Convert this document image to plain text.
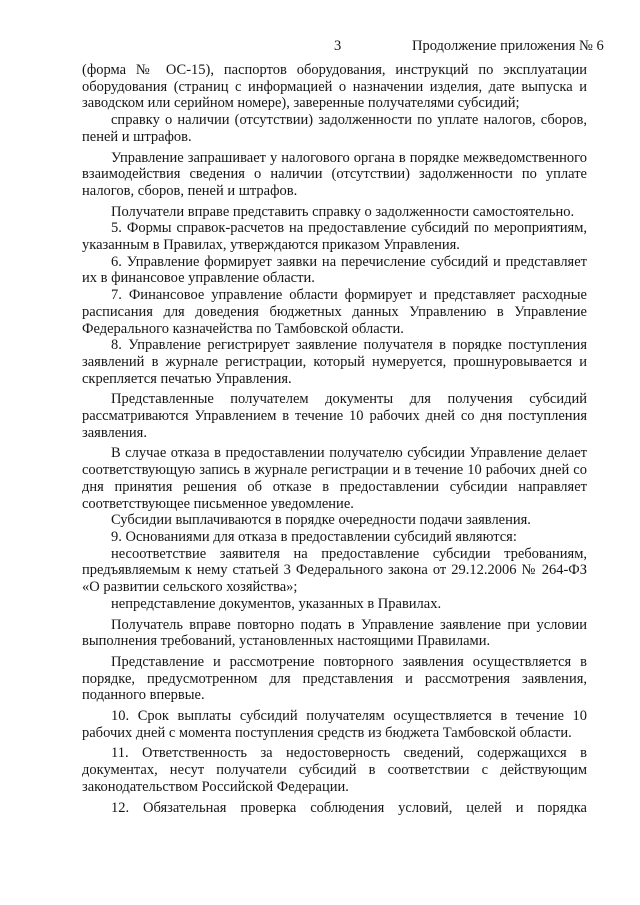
3	Продолжение приложения № 6

(форма № ОС-15), паспортов оборудования, инструкций по эксплуатации оборудования (страниц с информацией о назначении изделия, дате выпуска и заводском или серийном номере), заверенные получателями субсидий;

справку о наличии (отсутствии) задолженности по уплате налогов, сборов, пеней и штрафов.

Управление запрашивает у налогового органа в порядке межведомственного взаимодействия сведения о наличии (отсутствии) задолженности по уплате налогов, сборов, пеней и штрафов.

Получатели вправе представить справку о задолженности самостоятельно.

5. Формы справок-расчетов на предоставление субсидий по мероприятиям, указанным в Правилах, утверждаются приказом Управления.

6. Управление формирует заявки на перечисление субсидий и представляет их в финансовое управление области.

7. Финансовое управление области формирует и представляет расходные расписания для доведения бюджетных данных Управлению в Управление Федерального казначейства по Тамбовской области.

8. Управление регистрирует заявление получателя в порядке поступления заявлений в журнале регистрации, который нумеруется, прошнуровывается и скрепляется печатью Управления.

Представленные получателем документы для получения субсидий рассматриваются Управлением в течение 10 рабочих дней со дня поступления заявления.

В случае отказа в предоставлении получателю субсидии Управление делает соответствующую запись в журнале регистрации и в течение 10 рабочих дней со дня принятия решения об отказе в предоставлении субсидии направляет соответствующее письменное уведомление.

Субсидии выплачиваются в порядке очередности подачи заявления.

9. Основаниями для отказа в предоставлении субсидий являются:

несоответствие заявителя на предоставление субсидии требованиям, предъявляемым к нему статьей 3 Федерального закона от 29.12.2006 № 264-ФЗ «О развитии сельского хозяйства»;

непредставление документов, указанных в Правилах.

Получатель вправе повторно подать в Управление заявление при условии выполнения требований, установленных настоящими Правилами.

Представление и рассмотрение повторного заявления осуществляется в порядке, предусмотренном для представления и рассмотрения заявления, поданного впервые.

10. Срок выплаты субсидий получателям осуществляется в течение 10 рабочих дней с момента поступления средств из бюджета Тамбовской области.

11. Ответственность за недостоверность сведений, содержащихся в документах, несут получатели субсидий в соответствии с действующим законодательством Российской Федерации.

12. Обязательная проверка соблюдения условий, целей и порядка
